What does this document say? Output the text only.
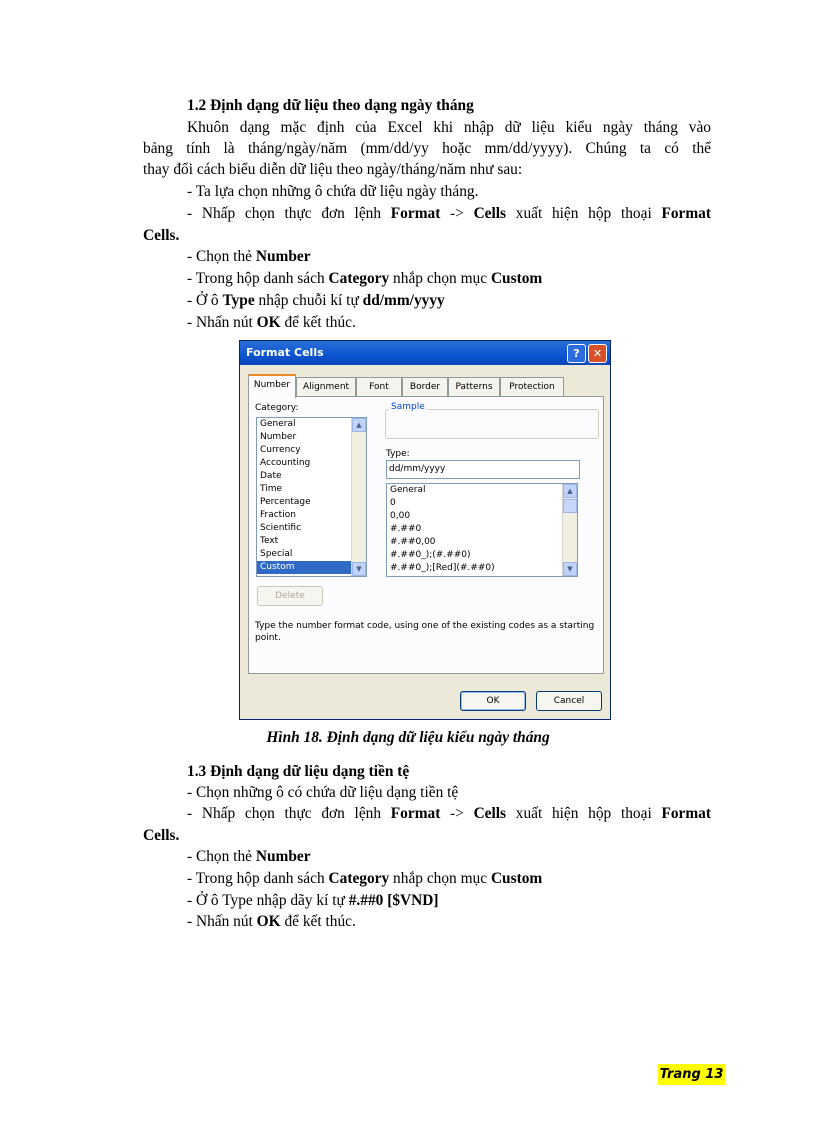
1.2 Định dạng dữ liệu theo dạng ngày tháng
Khuôn dạng mặc định của Excel khi nhập dữ liệu kiểu ngày tháng vào
bảng tính là tháng/ngày/năm (mm/dd/yy hoặc mm/dd/yyyy). Chúng ta có thể
thay đổi cách biểu diễn dữ liệu theo ngày/tháng/năm như sau:
- Ta lựa chọn những ô chứa dữ liệu ngày tháng.
- Nhấp chọn thực đơn lệnh Format -> Cells xuất hiện hộp thoại Format
Cells.
- Chọn thẻ Number
- Trong hộp danh sách Category nhắp chọn mục Custom
- Ở ô Type nhập chuỗi kí tự dd/mm/yyyy
- Nhấn nút OK để kết thúc.
1.3 Định dạng dữ liệu dạng tiền tệ
- Chọn những ô có chứa dữ liệu dạng tiền tệ
- Nhấp chọn thực đơn lệnh Format -> Cells xuất hiện hộp thoại Format
Cells.
- Chọn thẻ Number
- Trong hộp danh sách Category nhắp chọn mục Custom
- Ở ô Type nhập dãy kí tự #.##0 [$VND]
- Nhấn nút OK để kết thúc.
Format Cells	?	✕
Number	Alignment	Font	Border	Patterns	Protection
Category:
General
Number
Currency
Accounting
Date
Time
Percentage
Fraction
Scientific
Text
Special
Custom
▲
▼
Sample
Type:
dd/mm/yyyy
General
0
0,00
#.##0
#.##0,00
#.##0_);(#.##0)
#.##0_);[Red](#.##0)
▲
▼
Delete
Type the number format code, using one of the existing codes as a starting
point.
OK	Cancel
Hình 18. Định dạng dữ liệu kiểu ngày tháng
Trang 13
